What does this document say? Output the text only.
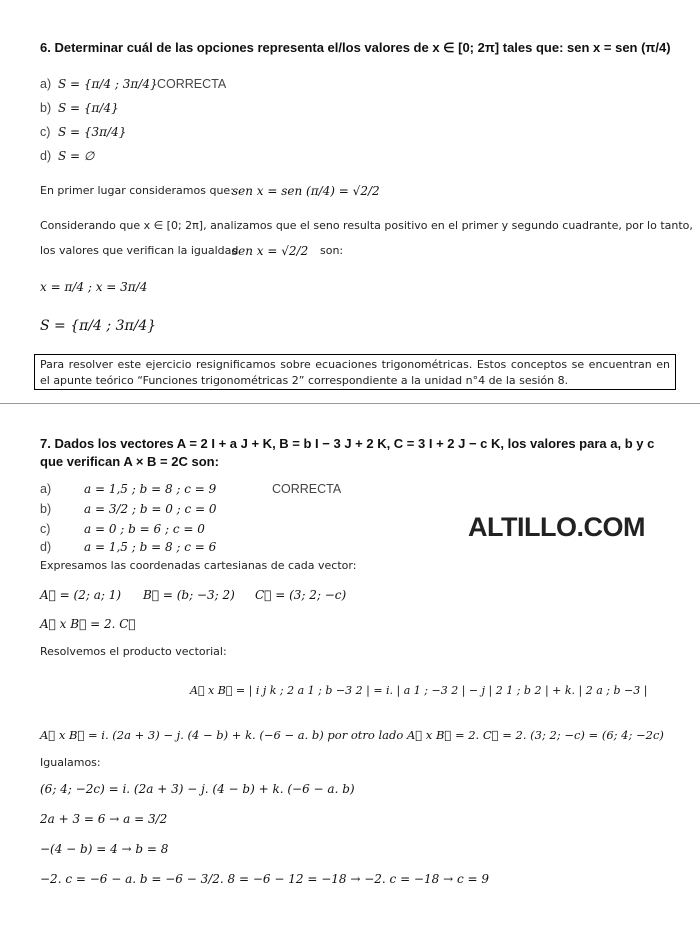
6. Determinar cuál de las opciones representa el/los valores de x ∈ [0; 2π] tales que: sen x = sen (π/4)
a) S = {π/4 ; 3π/4} CORRECTA
b) S = {π/4}
c) S = {3π/4}
d) S = ∅
En primer lugar consideramos que:
sen x = sen (π/4) = √2/2
Considerando que x ∈ [0; 2π], analizamos que el seno resulta positivo en el primer y segundo cuadrante, por lo tanto,
los valores que verifican la igualdad
sen x = √2/2 son:
x = π/4 ; x = 3π/4
S = {π/4 ; 3π/4}
Para resolver este ejercicio resignificamos sobre ecuaciones trigonométricas. Estos conceptos se encuentran en el apunte teórico “Funciones trigonométricas 2” correspondiente a la unidad n°4 de la sesión 8.
7. Dados los vectores A = 2 I + a J + K, B = b I − 3 J + 2 K, C = 3 I + 2 J − c K, los valores para a, b y c
que verifican A × B = 2C son:
a)	a = 1,5 ; b = 8 ; c = 9	CORRECTA
b)	a = 3/2 ; b = 0 ; c = 0
c)	a = 0 ; b = 6 ; c = 0
d)	a = 1,5 ; b = 8 ; c = 6
ALTILLO.COM
Expresamos las coordenadas cartesianas de cada vector:
A⃗ = (2; a; 1) B⃗ = (b; −3; 2) C⃗ = (3; 2; −c)
A⃗ x B⃗ = 2. C⃗
Resolvemos el producto vectorial:
A⃗ x B⃗ = | i j k ; 2 a 1 ; b −3 2 | = i. | a 1 ; −3 2 | − j | 2 1 ; b 2 | + k. | 2 a ; b −3 |
A⃗ x B⃗ = i. (2a + 3) − j. (4 − b) + k. (−6 − a. b) por otro lado A⃗ x B⃗ = 2. C⃗ = 2. (3; 2; −c) = (6; 4; −2c)
Igualamos:
(6; 4; −2c) = i. (2a + 3) − j. (4 − b) + k. (−6 − a. b)
2a + 3 = 6 → a = 3/2
−(4 − b) = 4 → b = 8
−2. c = −6 − a. b = −6 − 3/2. 8 = −6 − 12 = −18 → −2. c = −18 → c = 9
